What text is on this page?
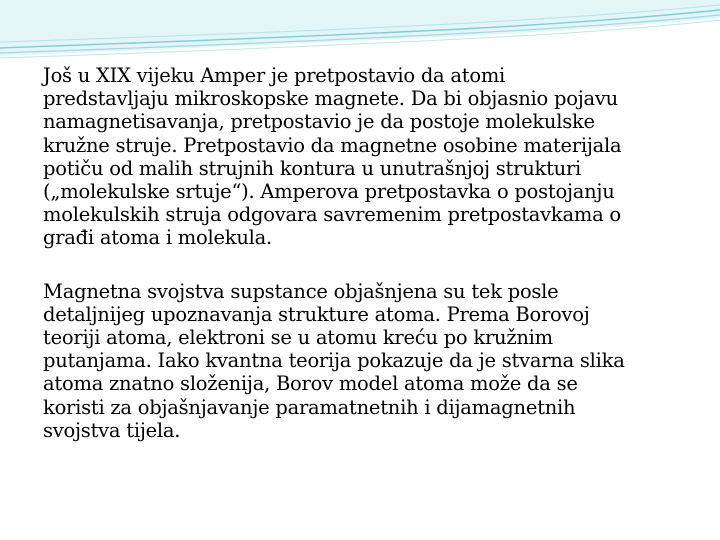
Još u XIX vijeku Amper je pretpostavio da atomi
predstavljaju mikroskopske magnete. Da bi objasnio pojavu
namagnetisavanja, pretpostavio je da postoje molekulske
kružne struje. Pretpostavio da magnetne osobine materijala
potiču od malih strujnih kontura u unutrašnjoj strukturi
(„molekulske srtuje“). Amperova pretpostavka o postojanju
molekulskih struja odgovara savremenim pretpostavkama o
građi atoma i molekula.

Magnetna svojstva supstance objašnjena su tek posle
detaljnijeg upoznavanja strukture atoma. Prema Borovoj
teoriji atoma, elektroni se u atomu kreću po kružnim
putanjama. Iako kvantna teorija pokazuje da je stvarna slika
atoma znatno složenija, Borov model atoma može da se
koristi za objašnjavanje paramatnetnih i dijamagnetnih
svojstva tijela.
